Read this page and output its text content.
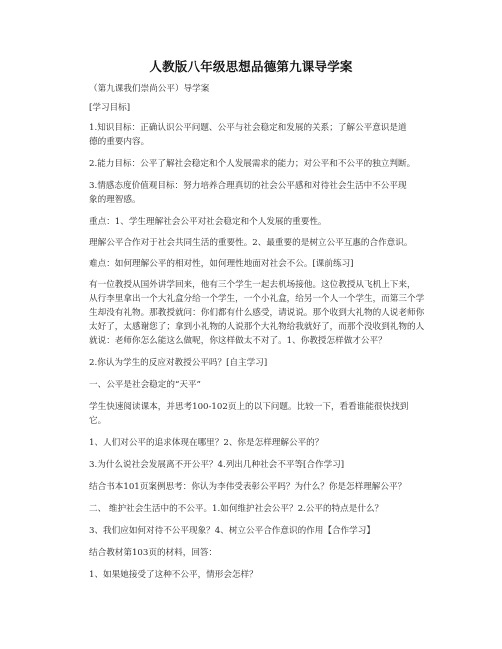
人教版八年级思想品德第九课导学案
（第九课我们崇尚公平）导学案
[学习目标]
1.知识目标：正确认识公平问题、公平与社会稳定和发展的关系；了解公平意识是道
德的重要内容。
2.能力目标：公平了解社会稳定和个人发展需求的能力；对公平和不公平的独立判断。
3.情感态度价值观目标：努力培养合理真切的社会公平感和对待社会生活中不公平现
象的理智感。
重点：1、学生理解社会公平对社会稳定和个人发展的重要性。
理解公平合作对于社会共同生活的重要性。2、最重要的是树立公平互惠的合作意识。
难点：如何理解公平的相对性，如何理性地面对社会不公。[课前练习]
有一位教授从国外讲学回来，他有三个学生一起去机场接他。这位教授从飞机上下来，
从行李里拿出一个大礼盒分给一个学生，一个小礼盒，给另一个人一个学生，而第三个学
生却没有礼物。那教授就问：你们都有什么感受，请说说。那个收到大礼物的人说老师你
太好了，太感谢您了；拿到小礼物的人说那个大礼物给我就好了，而那个没收到礼物的人
就说：老师你怎么能这么做呢，你这样做太不对了。1、你教授怎样做才公平？
2.你认为学生的反应对教授公平吗？[自主学习]
一、公平是社会稳定的“天平”
学生快速阅读课本，并思考100-102页上的以下问题。比较一下，看看谁能很快找到
它。
1、人们对公平的追求体现在哪里？2、你是怎样理解公平的？
3.为什么说社会发展离不开公平？4.列出几种社会不平等[合作学习]
结合书本101页案例思考：你认为李伟受表彰公平吗？为什么？你是怎样理解公平？
二、 维护社会生活中的不公平。1.如何维护社会公平？2.公平的特点是什么？
3、我们应如何对待不公平现象？4、树立公平合作意识的作用【合作学习】
结合教材第103页的材料，回答：
1、如果她接受了这种不公平，情形会怎样？
